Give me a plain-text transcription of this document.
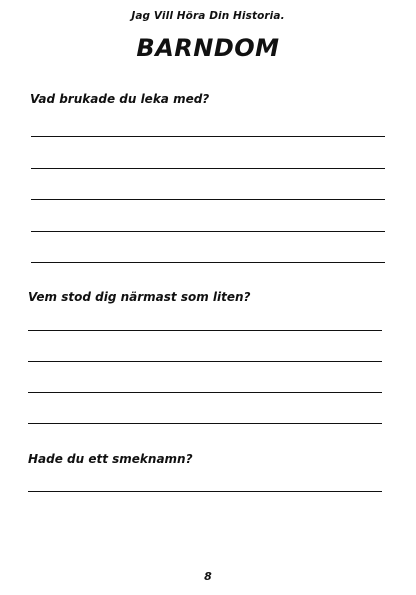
Jag Vill Höra Din Historia.
BARNDOM
Vad brukade du leka med?
Vem stod dig närmast som liten?
Hade du ett smeknamn?
8
